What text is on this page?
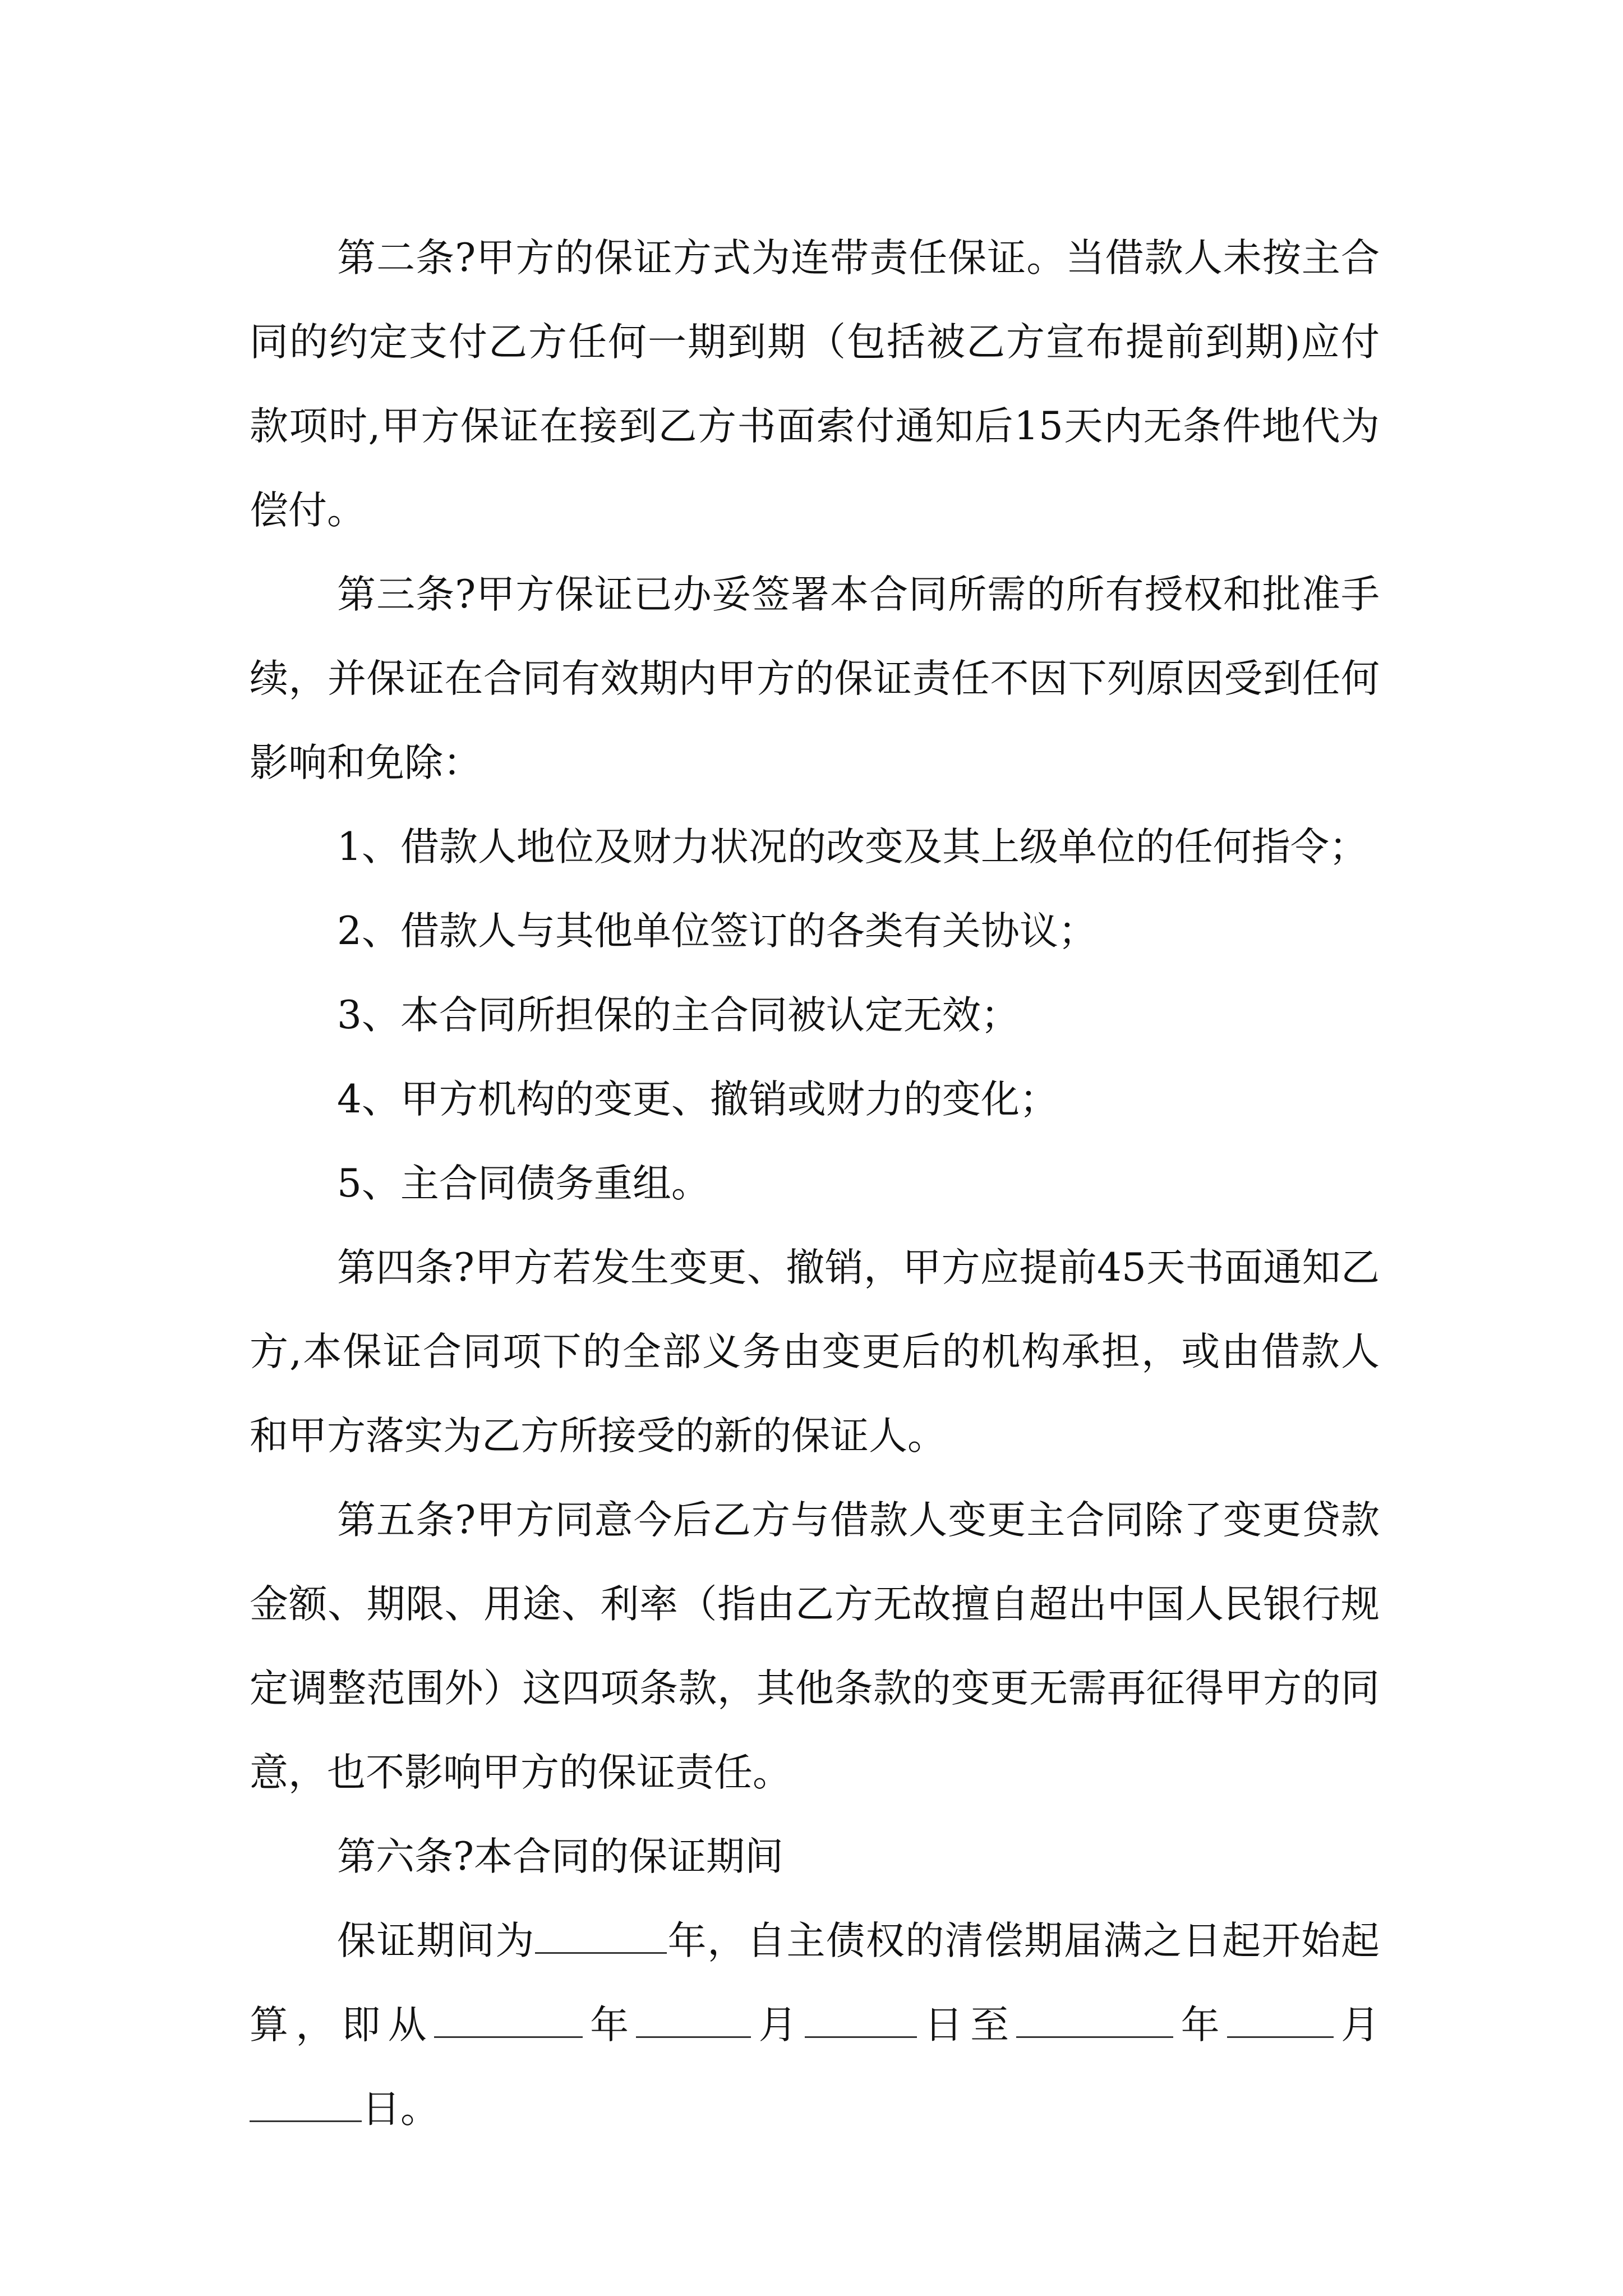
第二条?甲方的保证方式为连带责任保证。当借款人未按主合同的约定支付乙方任何一期到期（包括被乙方宣布提前到期)应付款项时,甲方保证在接到乙方书面索付通知后15天内无条件地代为偿付。

第三条?甲方保证已办妥签署本合同所需的所有授权和批准手续，并保证在合同有效期内甲方的保证责任不因下列原因受到任何影响和免除：

1、借款人地位及财力状况的改变及其上级单位的任何指令；

2、借款人与其他单位签订的各类有关协议；

3、本合同所担保的主合同被认定无效；

4、甲方机构的变更、撤销或财力的变化；

5、主合同债务重组。

第四条?甲方若发生变更、撤销，甲方应提前45天书面通知乙方,本保证合同项下的全部义务由变更后的机构承担，或由借款人和甲方落实为乙方所接受的新的保证人。

第五条?甲方同意今后乙方与借款人变更主合同除了变更贷款金额、期限、用途、利率（指由乙方无故擅自超出中国人民银行规定调整范围外）这四项条款，其他条款的变更无需再征得甲方的同意，也不影响甲方的保证责任。

第六条?本合同的保证期间

保证期间为	年，自主债权的清偿期届满之日起开始起算，即从	年	月	日至	年	月日。
